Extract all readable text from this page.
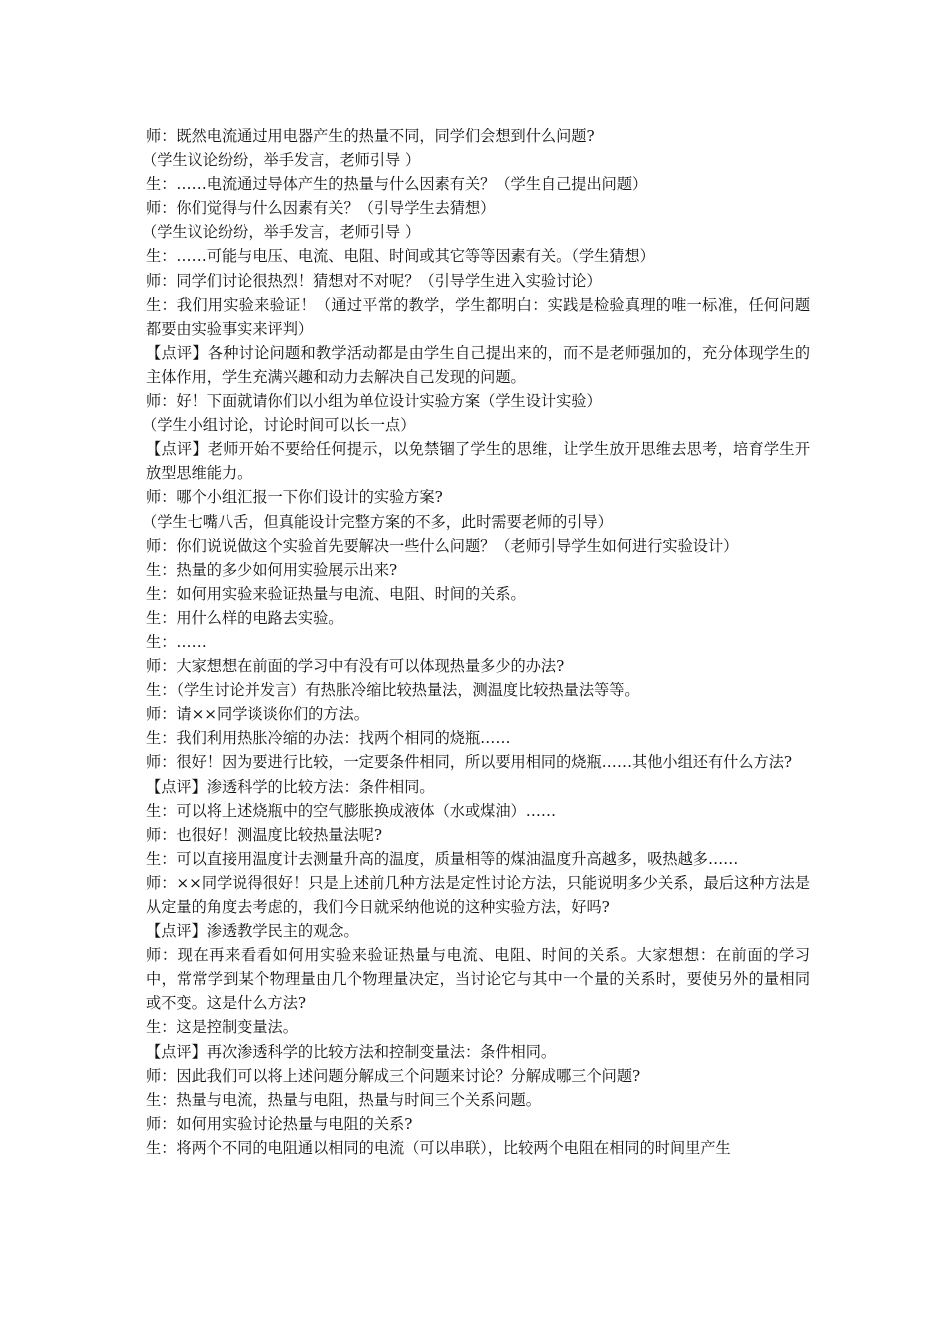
师：既然电流通过用电器产生的热量不同，同学们会想到什么问题?

（学生议论纷纷，举手发言，老师引导 ）

生：……电流通过导体产生的热量与什么因素有关？（学生自己提出问题）

师：你们觉得与什么因素有关？（引导学生去猜想）

（学生议论纷纷，举手发言，老师引导 ）

生：……可能与电压、电流、电阻、时间或其它等等因素有关。（学生猜想）

师：同学们讨论很热烈！猜想对不对呢？（引导学生进入实验讨论）

生：我们用实验来验证！（通过平常的教学，学生都明白：实践是检验真理的唯一标准，任何问题都要由实验事实来评判）

【点评】各种讨论问题和教学活动都是由学生自己提出来的，而不是老师强加的，充分体现学生的主体作用，学生充满兴趣和动力去解决自己发现的问题。

师：好！下面就请你们以小组为单位设计实验方案（学生设计实验）

（学生小组讨论，讨论时间可以长一点）

【点评】老师开始不要给任何提示，以免禁锢了学生的思维，让学生放开思维去思考，培育学生开放型思维能力。

师：哪个小组汇报一下你们设计的实验方案?

（学生七嘴八舌，但真能设计完整方案的不多，此时需要老师的引导）

师：你们说说做这个实验首先要解决一些什么问题？（老师引导学生如何进行实验设计）

生：热量的多少如何用实验展示出来?

生：如何用实验来验证热量与电流、电阻、时间的关系。

生：用什么样的电路去实验。

生：……

师：大家想想在前面的学习中有没有可以体现热量多少的办法?

生：（学生讨论并发言）有热胀冷缩比较热量法，测温度比较热量法等等。

师：请××同学谈谈你们的方法。

生：我们利用热胀冷缩的办法：找两个相同的烧瓶……

师：很好！因为要进行比较，一定要条件相同，所以要用相同的烧瓶……其他小组还有什么方法?

【点评】渗透科学的比较方法：条件相同。

生：可以将上述烧瓶中的空气膨胀换成液体（水或煤油）……

师：也很好！测温度比较热量法呢?

生：可以直接用温度计去测量升高的温度，质量相等的煤油温度升高越多，吸热越多……

师：××同学说得很好！只是上述前几种方法是定性讨论方法，只能说明多少关系，最后这种方法是从定量的角度去考虑的，我们今日就采纳他说的这种实验方法，好吗?

【点评】渗透教学民主的观念。

师：现在再来看看如何用实验来验证热量与电流、电阻、时间的关系。大家想想：在前面的学习中，常常学到某个物理量由几个物理量决定，当讨论它与其中一个量的关系时，要使另外的量相同或不变。这是什么方法?

生：这是控制变量法。

【点评】再次渗透科学的比较方法和控制变量法：条件相同。

师：因此我们可以将上述问题分解成三个问题来讨论？分解成哪三个问题?

生：热量与电流，热量与电阻，热量与时间三个关系问题。

师：如何用实验讨论热量与电阻的关系?

生：将两个不同的电阻通以相同的电流（可以串联），比较两个电阻在相同的时间里产生
